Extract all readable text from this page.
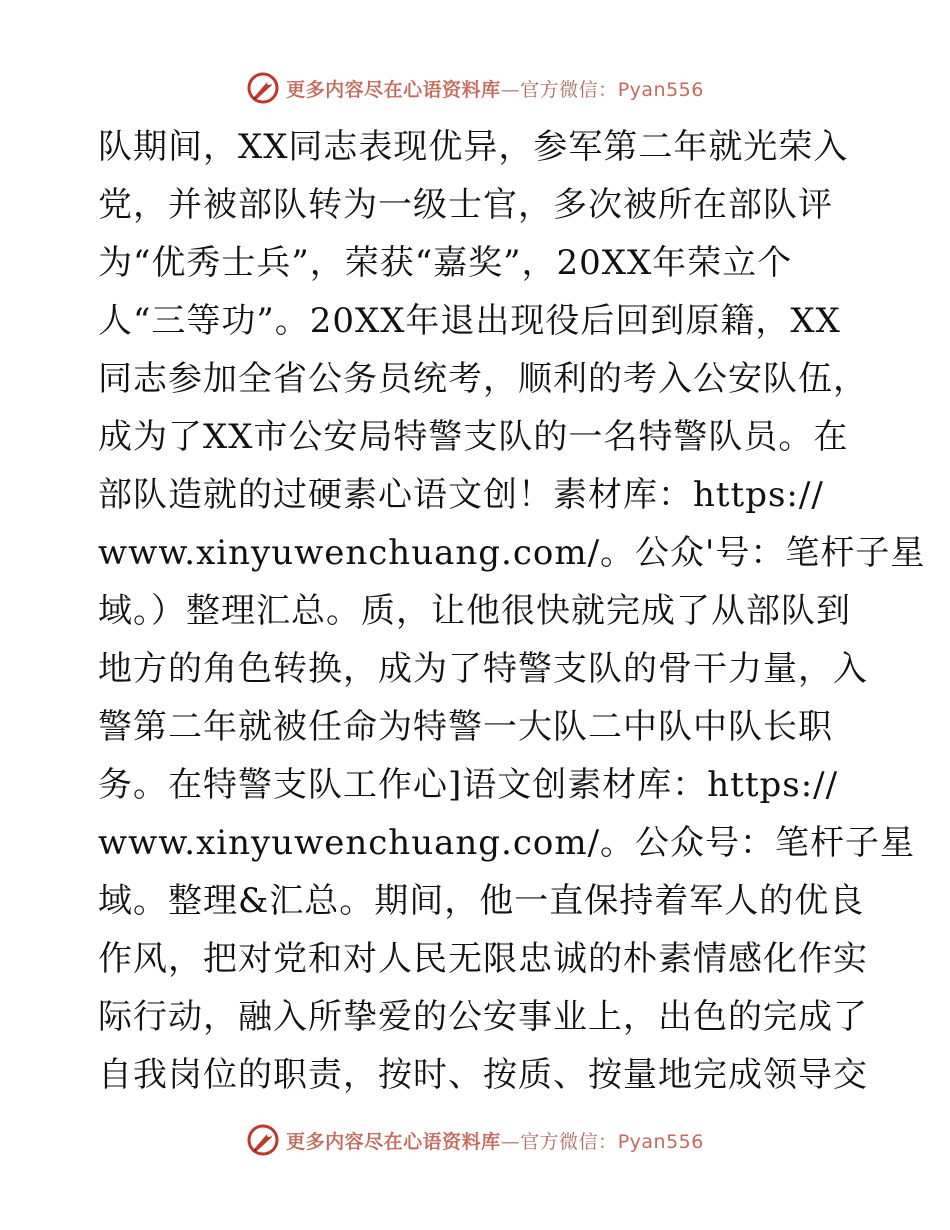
更多内容尽在心语资料库—官方微信：Pyan556
队期间，XX同志表现优异，参军第二年就光荣入
党，并被部队转为一级士官，多次被所在部队评
为“优秀士兵”，荣获“嘉奖”，20XX年荣立个
人“三等功”。20XX年退出现役后回到原籍，XX
同志参加全省公务员统考，顺利的考入公安队伍，
成为了XX市公安局特警支队的一名特警队员。在
部队造就的过硬素心语文创！素材库：https://
www.xinyuwenchuang.com/。公众'号：笔杆子星
域。）整理汇总。质，让他很快就完成了从部队到
地方的角色转换，成为了特警支队的骨干力量，入
警第二年就被任命为特警一大队二中队中队长职
务。在特警支队工作心]语文创素材库：https://
www.xinyuwenchuang.com/。公众号：笔杆子星
域。整理&汇总。期间，他一直保持着军人的优良
作风，把对党和对人民无限忠诚的朴素情感化作实
际行动，融入所挚爱的公安事业上，出色的完成了
自我岗位的职责，按时、按质、按量地完成领导交
更多内容尽在心语资料库—官方微信：Pyan556
